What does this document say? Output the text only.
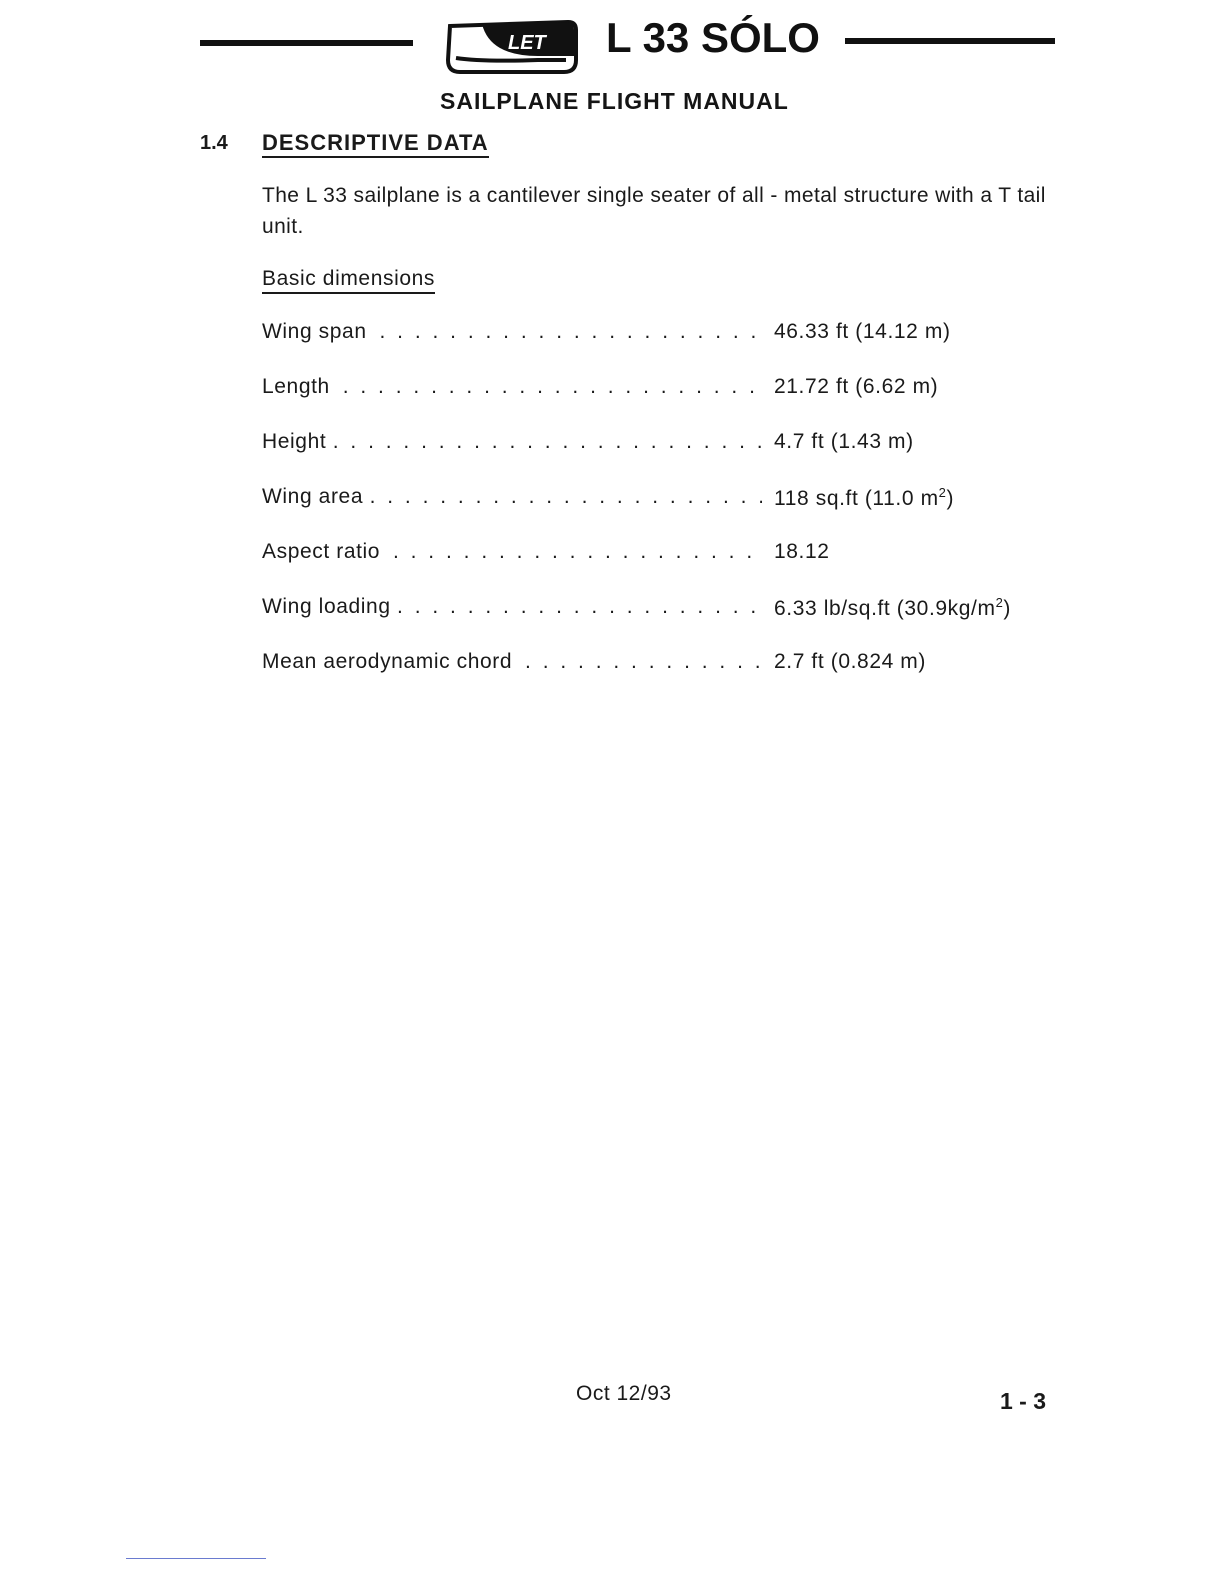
LET L 33 SÓLO
SAILPLANE FLIGHT MANUAL
1.4 DESCRIPTIVE DATA
The L 33 sailplane is a cantilever single seater of all - metal structure with a T tail unit.
Basic dimensions
Wing span   . . .	46.33 ft (14.12 m)
Length   . . .	21.72 ft (6.62 m)
Height  . . .	4.7 ft (1.43 m)
Wing area  . . .	118 sq.ft (11.0 $m^2$)
Aspect ratio   . . .	18.12
Wing loading  . . .	6.33 lb/sq.ft $(30.9kg/m^2)$
Mean aerodynamic chord   . . .	2.7 ft (0.824 m)
Oct 12/93	1 - 3
